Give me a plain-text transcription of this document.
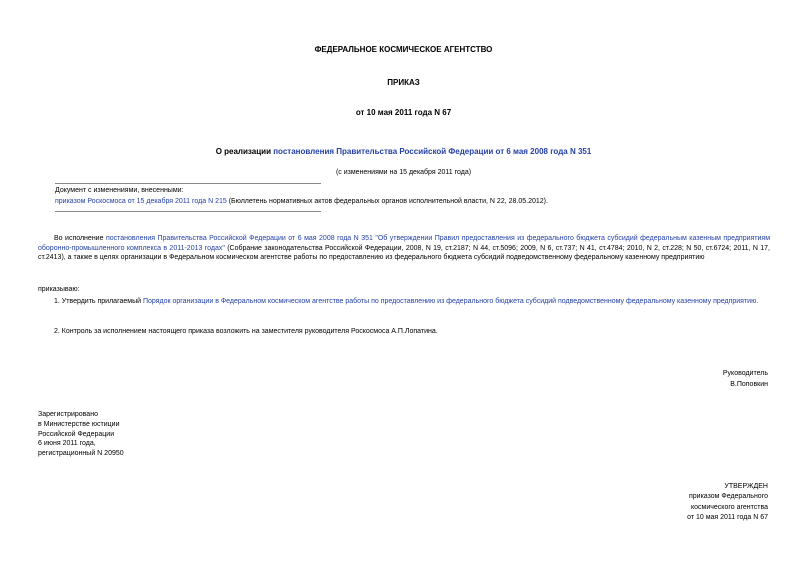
ФЕДЕРАЛЬНОЕ КОСМИЧЕСКОЕ АГЕНТСТВО
ПРИКАЗ
от 10 мая 2011 года N 67
О реализации постановления Правительства Российской Федерации от 6 мая 2008 года N 351
(с изменениями на 15 декабря 2011 года)
Документ с изменениями, внесенными:
приказом Роскосмоса от 15 декабря 2011 года N 215 (Бюллетень нормативных актов федеральных органов исполнительной власти, N 22, 28.05.2012).
Во исполнение постановления Правительства Российской Федерации от 6 мая 2008 года N 351 "Об утверждении Правил предоставления из федерального бюджета субсидий федеральным казенным предприятиям оборонно-промышленного комплекса в 2011-2013 годах" (Собрание законодательства Российской Федерации, 2008, N 19, ст.2187; N 44, ст.5096; 2009, N 6, ст.737; N 41, ст.4784; 2010, N 2, ст.228; N 50, ст.6724; 2011, N 17, ст.2413), а также в целях организации в Федеральном космическом агентстве работы по предоставлению из федерального бюджета субсидий подведомственному федеральному казенному предприятию
приказываю:
1. Утвердить прилагаемый Порядок организации в Федеральном космическом агентстве работы по предоставлению из федерального бюджета субсидий подведомственному федеральному казенному предприятию.
2. Контроль за исполнением настоящего приказа возложить на заместителя руководителя Роскосмоса А.П.Лопатина.
Руководитель
В.Поповкин
Зарегистрировано
в Министерстве юстиции
Российской Федерации
6 июня 2011 года,
регистрационный N 20950
УТВЕРЖДЕН
приказом Федерального
космического агентства
от 10 мая 2011 года N 67
